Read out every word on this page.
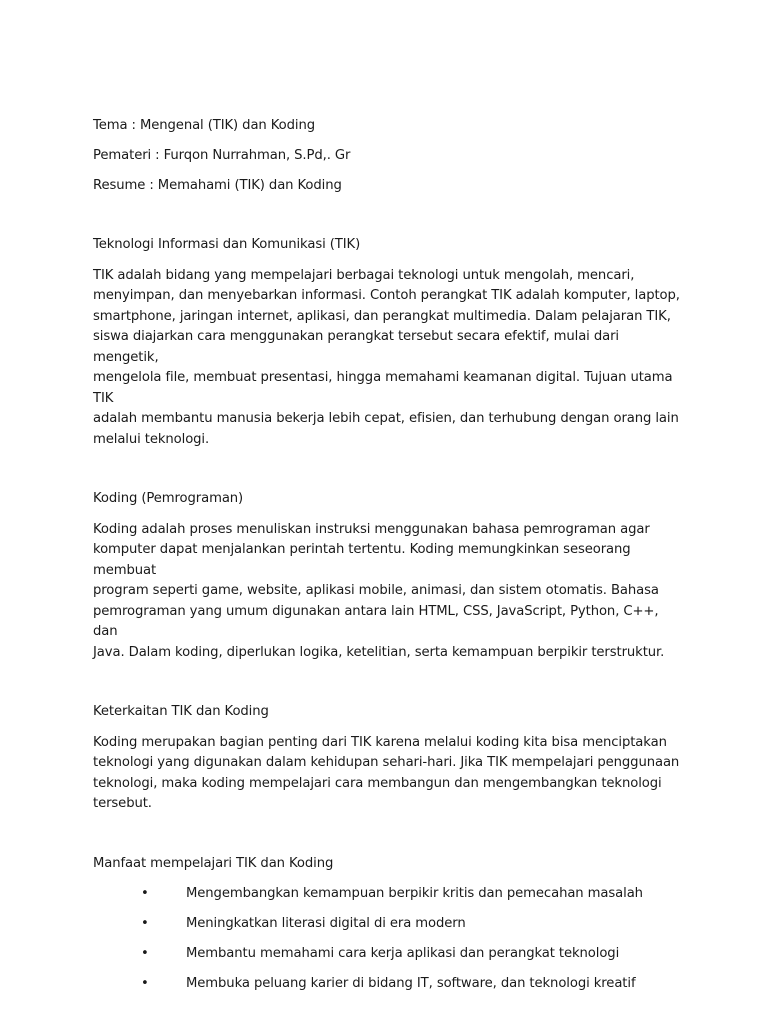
Tema : Mengenal (TIK) dan Koding

Pemateri : Furqon Nurrahman, S.Pd,. Gr

Resume : Memahami (TIK) dan Koding

Teknologi Informasi dan Komunikasi (TIK)

TIK adalah bidang yang mempelajari berbagai teknologi untuk mengolah, mencari,
menyimpan, dan menyebarkan informasi. Contoh perangkat TIK adalah komputer, laptop,
smartphone, jaringan internet, aplikasi, dan perangkat multimedia. Dalam pelajaran TIK,
siswa diajarkan cara menggunakan perangkat tersebut secara efektif, mulai dari mengetik,
mengelola file, membuat presentasi, hingga memahami keamanan digital. Tujuan utama TIK
adalah membantu manusia bekerja lebih cepat, efisien, dan terhubung dengan orang lain
melalui teknologi.

Koding (Pemrograman)

Koding adalah proses menuliskan instruksi menggunakan bahasa pemrograman agar
komputer dapat menjalankan perintah tertentu. Koding memungkinkan seseorang membuat
program seperti game, website, aplikasi mobile, animasi, dan sistem otomatis. Bahasa
pemrograman yang umum digunakan antara lain HTML, CSS, JavaScript, Python, C++, dan
Java. Dalam koding, diperlukan logika, ketelitian, serta kemampuan berpikir terstruktur.

Keterkaitan TIK dan Koding

Koding merupakan bagian penting dari TIK karena melalui koding kita bisa menciptakan
teknologi yang digunakan dalam kehidupan sehari-hari. Jika TIK mempelajari penggunaan
teknologi, maka koding mempelajari cara membangun dan mengembangkan teknologi
tersebut.

Manfaat mempelajari TIK dan Koding

•	Mengembangkan kemampuan berpikir kritis dan pemecahan masalah
•	Meningkatkan literasi digital di era modern
•	Membantu memahami cara kerja aplikasi dan perangkat teknologi
•	Membuka peluang karier di bidang IT, software, dan teknologi kreatif
